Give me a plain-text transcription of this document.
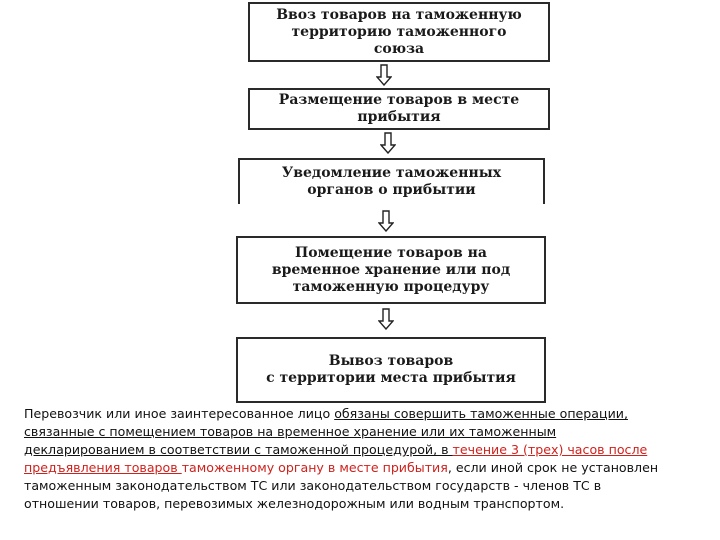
Ввоз товаров на таможенную
территорию таможенного
союза
Размещение товаров в месте
прибытия
Уведомление таможенных
органов о прибытии
Помещение товаров на
временное хранение или под
таможенную процедуру
Вывоз товаров
с территории места прибытия
Перевозчик или иное заинтересованное лицо обязаны совершить таможенные операции,
связанные с помещением товаров на временное хранение или их таможенным
декларированием в соответствии с таможенной процедурой, в течение 3 (трех) часов после
предъявления товаров таможенному органу в месте прибытия, если иной срок не установлен
таможенным законодательством ТС или законодательством государств - членов ТС в
отношении товаров, перевозимых железнодорожным или водным транспортом.
